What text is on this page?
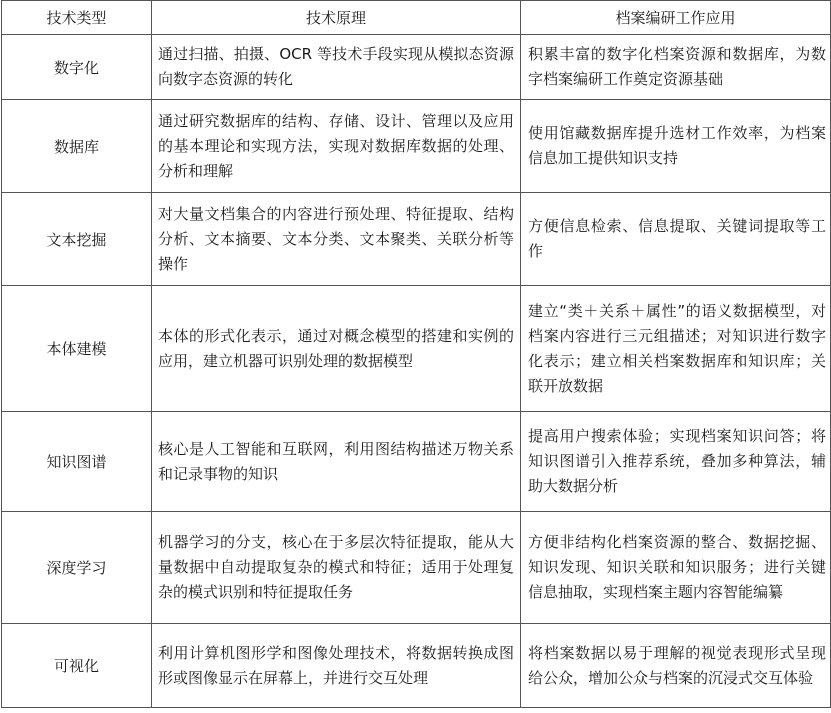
技术类型	技术原理	档案编研工作应用
数字化	通过扫描、拍摄、OCR 等技术手段实现从模拟态资源向数字态资源的转化	积累丰富的数字化档案资源和数据库，为数字档案编研工作奠定资源基础
数据库	通过研究数据库的结构、存储、设计、管理以及应用的基本理论和实现方法，实现对数据库数据的处理、分析和理解	使用馆藏数据库提升选材工作效率，为档案信息加工提供知识支持
文本挖掘	对大量文档集合的内容进行预处理、特征提取、结构分析、文本摘要、文本分类、文本聚类、关联分析等操作	方便信息检索、信息提取、关键词提取等工作
本体建模	本体的形式化表示，通过对概念模型的搭建和实例的应用，建立机器可识别处理的数据模型	建立“类＋关系＋属性”的语义数据模型，对档案内容进行三元组描述；对知识进行数字化表示；建立相关档案数据库和知识库；关联开放数据
知识图谱	核心是人工智能和互联网，利用图结构描述万物关系和记录事物的知识	提高用户搜索体验；实现档案知识问答；将知识图谱引入推荐系统，叠加多种算法，辅助大数据分析
深度学习	机器学习的分支，核心在于多层次特征提取，能从大量数据中自动提取复杂的模式和特征；适用于处理复杂的模式识别和特征提取任务	方便非结构化档案资源的整合、数据挖掘、知识发现、知识关联和知识服务；进行关键信息抽取，实现档案主题内容智能编纂
可视化	利用计算机图形学和图像处理技术，将数据转换成图形或图像显示在屏幕上，并进行交互处理	将档案数据以易于理解的视觉表现形式呈现给公众，增加公众与档案的沉浸式交互体验
